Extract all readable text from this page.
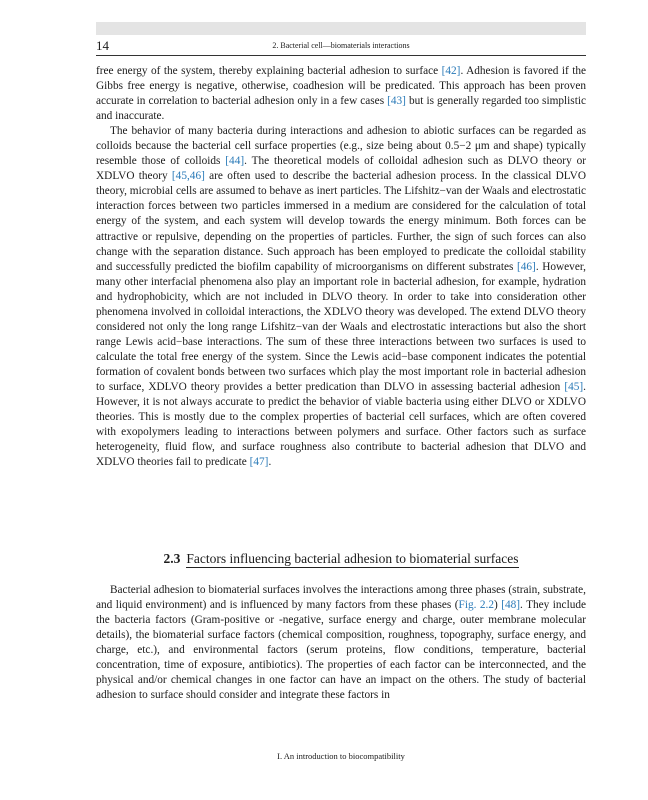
14	2. Bacterial cell—biomaterials interactions

free energy of the system, thereby explaining bacterial adhesion to surface [42]. Adhesion is favored if the Gibbs free energy is negative, otherwise, coadhesion will be predicated. This approach has been proven accurate in correlation to bacterial adhesion only in a few cases [43] but is generally regarded too simplistic and inaccurate.

The behavior of many bacteria during interactions and adhesion to abiotic surfaces can be regarded as colloids because the bacterial cell surface properties (e.g., size being about 0.5−2 μm and shape) typically resemble those of colloids [44]. The theoretical models of colloidal adhesion such as DLVO theory or XDLVO theory [45,46] are often used to describe the bacterial adhesion process. In the classical DLVO theory, microbial cells are assumed to behave as inert particles. The Lifshitz−van der Waals and electrostatic interaction forces between two particles immersed in a medium are considered for the calculation of total energy of the system, and each system will develop towards the energy minimum. Both forces can be attractive or repulsive, depending on the properties of particles. Further, the sign of such forces can also change with the separation distance. Such approach has been employed to predicate the colloidal stability and successfully predicted the biofilm capability of microorganisms on different substrates [46]. However, many other interfacial phenomena also play an important role in bacterial adhesion, for example, hydration and hydrophobicity, which are not included in DLVO theory. In order to take into consideration other phenomena involved in colloidal interactions, the XDLVO theory was developed. The extend DLVO theory considered not only the long range Lifshitz−van der Waals and electrostatic interactions but also the short range Lewis acid−base interactions. The sum of these three interactions between two surfaces is used to calculate the total free energy of the system. Since the Lewis acid−base component indicates the potential formation of covalent bonds between two surfaces which play the most important role in bacterial adhesion to surface, XDLVO theory provides a better predication than DLVO in assessing bacterial adhesion [45]. However, it is not always accurate to predict the behavior of viable bacteria using either DLVO or XDLVO theories. This is mostly due to the complex properties of bacterial cell surfaces, which are often covered with exopolymers leading to interactions between polymers and surface. Other factors such as surface heterogeneity, fluid flow, and surface roughness also contribute to bacterial adhesion that DLVO and XDLVO theories fail to predicate [47].

2.3 Factors influencing bacterial adhesion to biomaterial surfaces

Bacterial adhesion to biomaterial surfaces involves the interactions among three phases (strain, substrate, and liquid environment) and is influenced by many factors from these phases (Fig. 2.2) [48]. They include the bacteria factors (Gram-positive or -negative, surface energy and charge, outer membrane molecular details), the biomaterial surface factors (chemical composition, roughness, topography, surface energy, and charge, etc.), and environmental factors (serum proteins, flow conditions, temperature, bacterial concentration, time of exposure, antibiotics). The properties of each factor can be interconnected, and the physical and/or chemical changes in one factor can have an impact on the others. The study of bacterial adhesion to surface should consider and integrate these factors in

I. An introduction to biocompatibility
